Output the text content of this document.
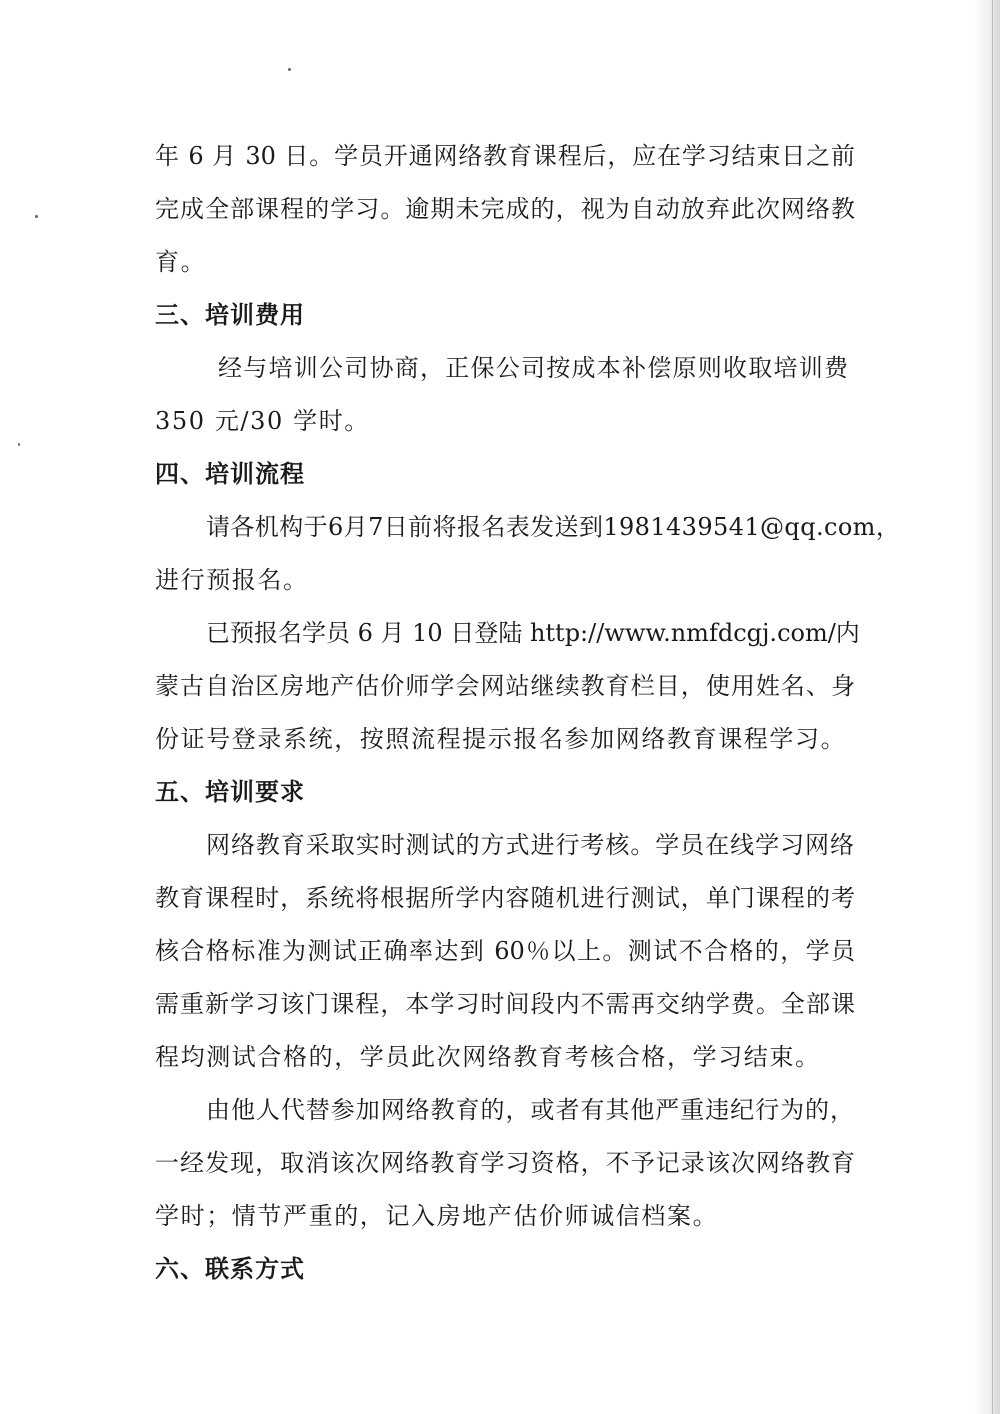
年 6 月 30 日。学员开通网络教育课程后，应在学习结束日之前

完成全部课程的学习。逾期未完成的，视为自动放弃此次网络教

育。

三、培训费用

经与培训公司协商，正保公司按成本补偿原则收取培训费

350 元/30 学时。

四、培训流程

请各机构于6月7日前将报名表发送到1981439541@qq.com，

进行预报名。

已预报名学员 6 月 10 日登陆 http://www.nmfdcgj.com/内

蒙古自治区房地产估价师学会网站继续教育栏目，使用姓名、身

份证号登录系统，按照流程提示报名参加网络教育课程学习。

五、培训要求

网络教育采取实时测试的方式进行考核。学员在线学习网络

教育课程时，系统将根据所学内容随机进行测试，单门课程的考

核合格标准为测试正确率达到 60％以上。测试不合格的，学员

需重新学习该门课程，本学习时间段内不需再交纳学费。全部课

程均测试合格的，学员此次网络教育考核合格，学习结束。

由他人代替参加网络教育的，或者有其他严重违纪行为的，

一经发现，取消该次网络教育学习资格，不予记录该次网络教育

学时；情节严重的，记入房地产估价师诚信档案。

六、联系方式
